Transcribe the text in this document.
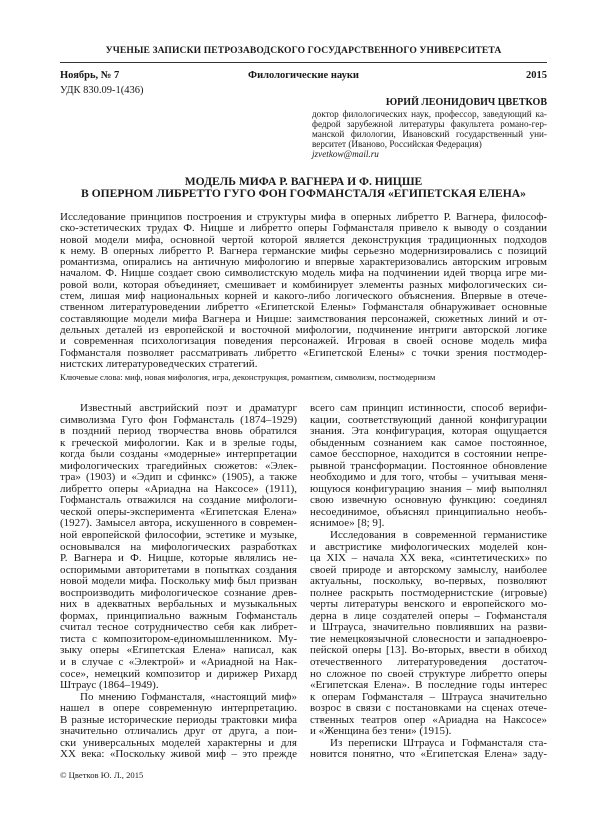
УЧЕНЫЕ ЗАПИСКИ ПЕТРОЗАВОДСКОГО ГОСУДАРСТВЕННОГО УНИВЕРСИТЕТА
Ноябрь, № 7	Филологические науки	2015
УДК 830.09-1(436)
ЮРИЙ ЛЕОНИДОВИЧ ЦВЕТКОВ
доктор филологических наук, профессор, заведующий ка-
федрой зарубежной литературы факультета романо-гер-
манской филологии, Ивановский государственный уни-
верситет (Иваново, Российская Федерация)
jzvetkow@mail.ru
МОДЕЛЬ МИФА Р. ВАГНЕРА И Ф. НИЦШЕ
В ОПЕРНОМ ЛИБРЕТТО ГУГО ФОН ГОФМАНСТАЛЯ «ЕГИПЕТСКАЯ ЕЛЕНА»
Исследование принципов построения и структуры мифа в оперных либретто Р. Вагнера, философ-
ско-эстетических трудах Ф. Ницше и либретто оперы Гофмансталя привело к выводу о создании
новой модели мифа, основной чертой которой является деконструкция традиционных подходов
к нему. В оперных либретто Р. Вагнера германские мифы серьезно модернизировались с позиций
романтизма, опирались на античную мифологию и впервые характеризовались авторским игровым
началом. Ф. Ницше создает свою символистскую модель мифа на подчинении идей творца игре ми-
ровой воли, которая объединяет, смешивает и комбинирует элементы разных мифологических си-
стем, лишая миф национальных корней и какого-либо логического объяснения. Впервые в отече-
ственном литературоведении либретто «Египетской Елены» Гофмансталя обнаруживает основные
составляющие модели мифа Вагнера и Ницше: заимствования персонажей, сюжетных линий и от-
дельных деталей из европейской и восточной мифологии, подчинение интриги авторской логике
и современная психологизация поведения персонажей. Игровая в своей основе модель мифа
Гофмансталя позволяет рассматривать либретто «Египетской Елены» с точки зрения постмодер-
нистских литературоведческих стратегий.
Ключевые слова: миф, новая мифология, игра, деконструкция, романтизм, символизм, постмодернизм
Известный австрийский поэт и драматург
символизма Гуго фон Гофмансталь (1874–1929)
в поздний период творчества вновь обратился
к греческой мифологии. Как и в зрелые годы,
когда были созданы «модерные» интерпретации
мифологических трагедийных сюжетов: «Элек-
тра» (1903) и «Эдип и сфинкс» (1905), а также
либретто оперы «Ариадна на Наксосе» (1911),
Гофмансталь отважился на создание мифологи-
ческой оперы-эксперимента «Египетская Елена»
(1927). Замысел автора, искушенного в современ-
ной европейской философии, эстетике и музыке,
основывался на мифологических разработках
Р. Вагнера и Ф. Ницше, которые являлись не-
оспоримыми авторитетами в попытках создания
новой модели мифа. Поскольку миф был призван
воспроизводить мифологическое сознание древ-
них в адекватных вербальных и музыкальных
формах, принципиально важным Гофмансталь
считал тесное сотрудничество себя как либрет-
тиста с композитором-единомышленником. Му-
зыку оперы «Египетская Елена» написал, как
и в случае с «Электрой» и «Ариадной на Нак-
сосе», немецкий композитор и дирижер Рихард
Штраус (1864–1949).
По мнению Гофмансталя, «настоящий миф»
нашел в опере современную интерпретацию.
В разные исторические периоды трактовки мифа
значительно отличались друг от друга, а пои-
ски универсальных моделей характерны и для
XX века: «Поскольку живой миф – это прежде
всего сам принцип истинности, способ верифи-
кации, соответствующий данной конфигурации
знания. Эта конфигурация, которая ощущается
обыденным сознанием как самое постоянное,
самое бесспорное, находится в состоянии непре-
рывной трансформации. Постоянное обновление
необходимо и для того, чтобы – учитывая меня-
ющуюся конфигурацию знания – миф выполнял
свою извечную основную функцию: соединял
несоединимое, объяснял принципиально необъ-
яснимое» [8; 9].
Исследования в современной германистике
и австристике мифологических моделей кон-
ца XIX – начала XX века, «синтетических» по
своей природе и авторскому замыслу, наиболее
актуальны, поскольку, во-первых, позволяют
полнее раскрыть постмодернистские (игровые)
черты литературы венского и европейского мо-
дерна в лице создателей оперы – Гофмансталя
и Штрауса, значительно повлиявших на разви-
тие немецкоязычной словесности и западноевро-
пейской оперы [13]. Во-вторых, ввести в обиход
отечественного литературоведения достаточ-
но сложное по своей структуре либретто оперы
«Египетская Елена». В последние годы интерес
к операм Гофмансталя – Штрауса значительно
возрос в связи с постановками на сценах отече-
ственных театров опер «Ариадна на Наксосе»
и «Женщина без тени» (1915).
Из переписки Штрауса и Гофмансталя ста-
новится понятно, что «Египетская Елена» заду-
© Цветков Ю. Л., 2015
